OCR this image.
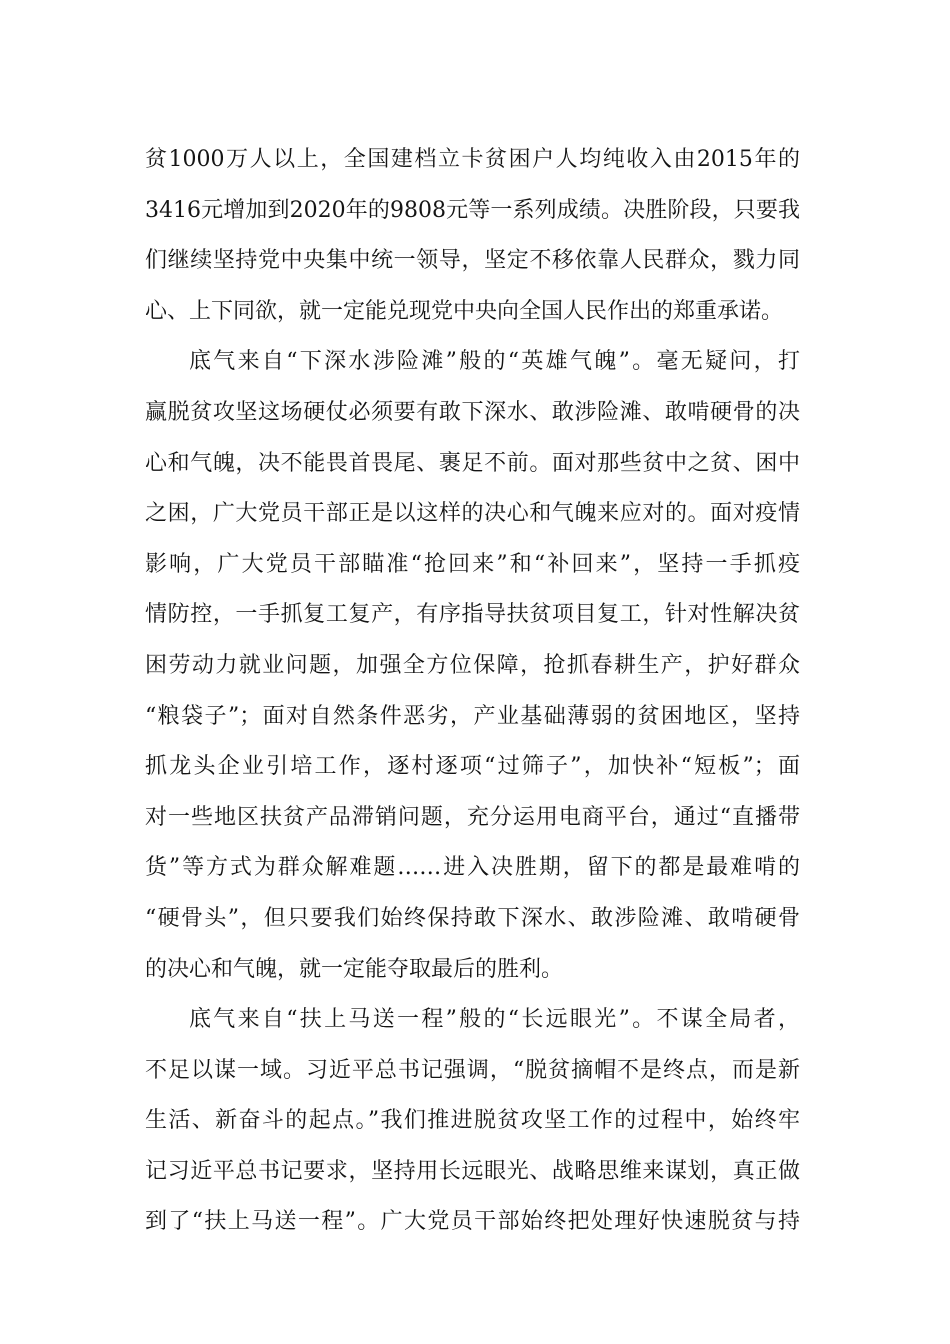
贫1000万人以上，全国建档立卡贫困户人均纯收入由2015年的
3416元增加到2020年的9808元等一系列成绩。决胜阶段，只要我
们继续坚持党中央集中统一领导，坚定不移依靠人民群众，戮力同
心、上下同欲，就一定能兑现党中央向全国人民作出的郑重承诺。
底气来自“下深水涉险滩”般的“英雄气魄”。毫无疑问，打
赢脱贫攻坚这场硬仗必须要有敢下深水、敢涉险滩、敢啃硬骨的决
心和气魄，决不能畏首畏尾、裹足不前。面对那些贫中之贫、困中
之困，广大党员干部正是以这样的决心和气魄来应对的。面对疫情
影响，广大党员干部瞄准“抢回来”和“补回来”，坚持一手抓疫
情防控，一手抓复工复产，有序指导扶贫项目复工，针对性解决贫
困劳动力就业问题，加强全方位保障，抢抓春耕生产，护好群众
“粮袋子”；面对自然条件恶劣，产业基础薄弱的贫困地区，坚持
抓龙头企业引培工作，逐村逐项“过筛子”，加快补“短板”；面
对一些地区扶贫产品滞销问题，充分运用电商平台，通过“直播带
货”等方式为群众解难题……进入决胜期，留下的都是最难啃的
“硬骨头”，但只要我们始终保持敢下深水、敢涉险滩、敢啃硬骨
的决心和气魄，就一定能夺取最后的胜利。
底气来自“扶上马送一程”般的“长远眼光”。不谋全局者，
不足以谋一域。习近平总书记强调，“脱贫摘帽不是终点，而是新
生活、新奋斗的起点。”我们推进脱贫攻坚工作的过程中，始终牢
记习近平总书记要求，坚持用长远眼光、战略思维来谋划，真正做
到了“扶上马送一程”。广大党员干部始终把处理好快速脱贫与持
